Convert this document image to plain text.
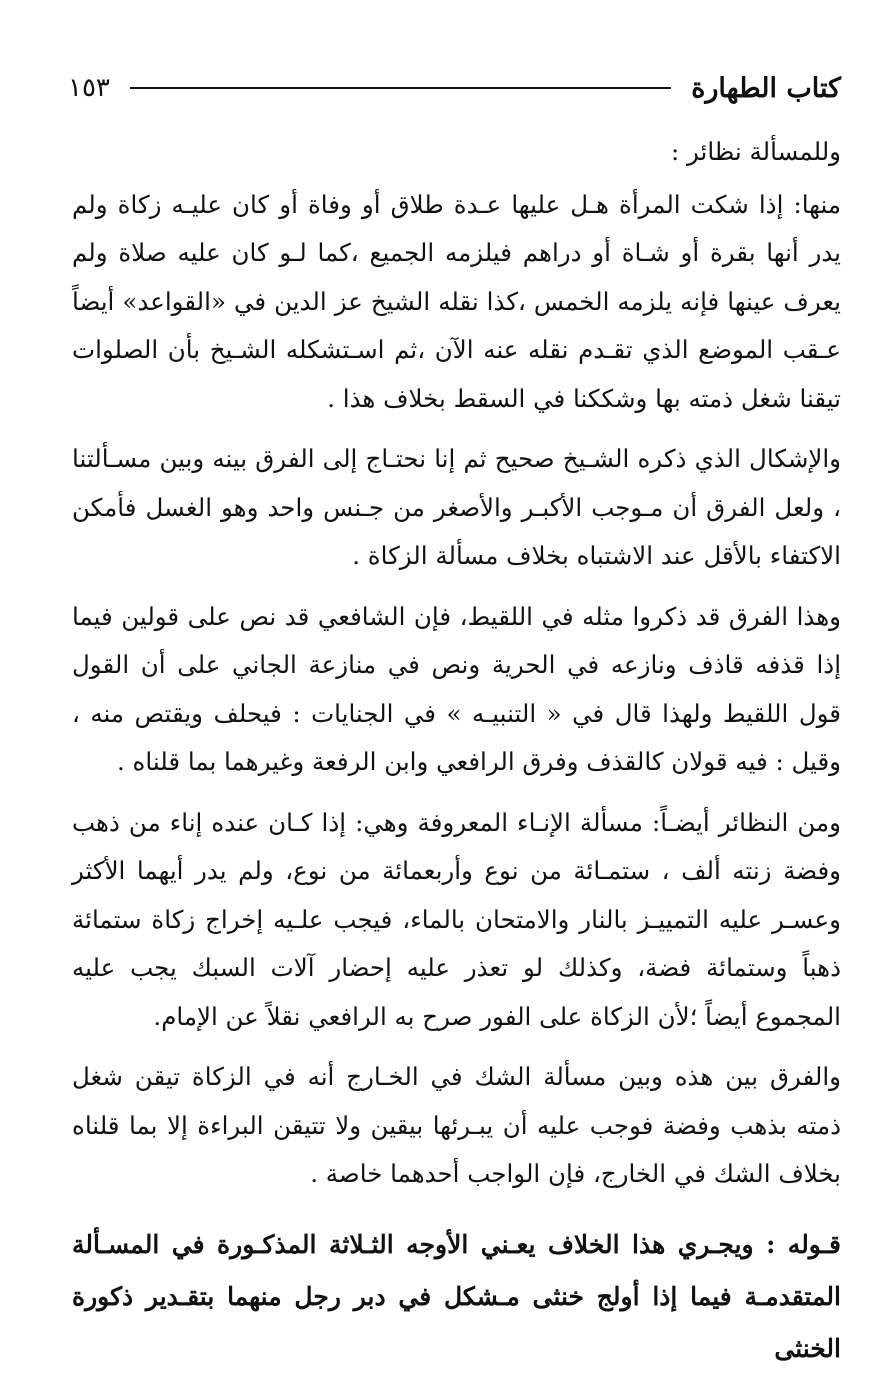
كتاب الطهارة
١٥٣

وللمسألة نظائر :

منها: إذا شكت المرأة هـل عليها عـدة طلاق أو وفاة أو كان عليـه زكاة ولم يدر أنها بقرة أو شـاة أو دراهم فيلزمه الجميع ،كما لـو كان عليه صلاة ولم يعرف عينها فإنه يلزمه الخمس ،كذا نقله الشيخ عز الدين في «القواعد» أيضاً عـقب الموضع الذي تقـدم نقله عنه الآن ،ثم اسـتشكله الشـيخ بأن الصلوات تيقنا شغل ذمته بها وشككنا في السقط بخلاف هذا .

والإشكال الذي ذكره الشـيخ صحيح ثم إنا نحتـاج إلى الفرق بينه وبين مسـألتنا ، ولعل الفرق أن مـوجب الأكبـر والأصغر من جـنس واحد وهو الغسل فأمكن الاكتفاء بالأقل عند الاشتباه بخلاف مسألة الزكاة .

وهذا الفرق قد ذكروا مثله في اللقيط، فإن الشافعي قد نص على قولين فيما إذا قذفه قاذف ونازعه في الحرية ونص في منازعة الجاني على أن القول قول اللقيط ولهذا قال في « التنبيـه » في الجنايات : فيحلف ويقتص منه ، وقيل : فيه قولان كالقذف وفرق الرافعي وابن الرفعة وغيرهما بما قلناه .

ومن النظائر أيضـاً: مسألة الإنـاء المعروفة وهي: إذا كـان عنده إناء من ذهب وفضة زنته ألف ، ستمـائة من نوع وأربعمائة من نوع، ولم يدر أيهما الأكثر وعسـر عليه التمييـز بالنار والامتحان بالماء، فيجب علـيه إخراج زكاة ستمائة ذهباً وستمائة فضة، وكذلك لو تعذر عليه إحضار آلات السبك يجب عليه المجموع أيضاً ؛لأن الزكاة على الفور صرح به الرافعي نقلاً عن الإمام.

والفرق بين هذه وبين مسألة الشك في الخـارج أنه في الزكاة تيقن شغل ذمته بذهب وفضة فوجب عليه أن يبـرئها بيقين ولا تتيقن البراءة إلا بما قلناه بخلاف الشك في الخارج، فإن الواجب أحدهما خاصة .

قـوله : ويجـري هذا الخلاف يعـني الأوجه الثـلاثة المذكـورة في المسـألة المتقدمـة فيما إذا أولج خنثى مـشكل في دبر رجل منهما بتقـدير ذكورة الخنثى
